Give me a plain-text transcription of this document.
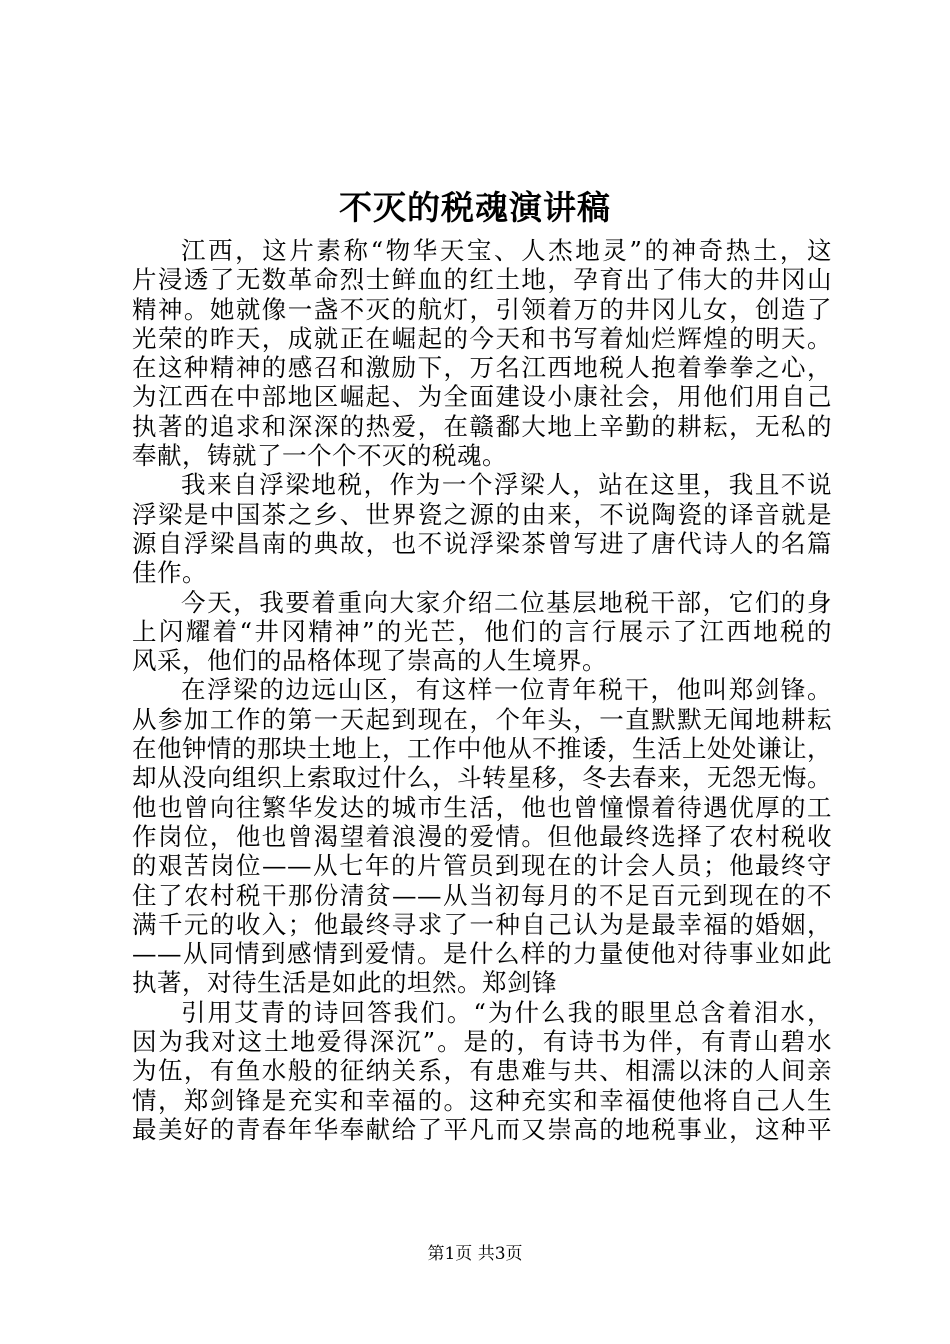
不灭的税魂演讲稿
江西，这片素称“物华天宝、人杰地灵”的神奇热土，这
片浸透了无数革命烈士鲜血的红土地，孕育出了伟大的井冈山
精神。她就像一盏不灭的航灯，引领着万的井冈儿女，创造了
光荣的昨天，成就正在崛起的今天和书写着灿烂辉煌的明天。
在这种精神的感召和激励下，万名江西地税人抱着拳拳之心，
为江西在中部地区崛起、为全面建设小康社会，用他们用自己
执著的追求和深深的热爱，在赣鄱大地上辛勤的耕耘，无私的
奉献，铸就了一个个不灭的税魂。
我来自浮梁地税，作为一个浮梁人，站在这里，我且不说
浮梁是中国茶之乡、世界瓷之源的由来，不说陶瓷的译音就是
源自浮梁昌南的典故，也不说浮梁茶曾写进了唐代诗人的名篇
佳作。
今天，我要着重向大家介绍二位基层地税干部，它们的身
上闪耀着“井冈精神”的光芒，他们的言行展示了江西地税的
风采，他们的品格体现了崇高的人生境界。
在浮梁的边远山区，有这样一位青年税干，他叫郑剑锋。
从参加工作的第一天起到现在，个年头，一直默默无闻地耕耘
在他钟情的那块土地上，工作中他从不推诿，生活上处处谦让，
却从没向组织上索取过什么，斗转星移，冬去春来，无怨无悔。
他也曾向往繁华发达的城市生活，他也曾憧憬着待遇优厚的工
作岗位，他也曾渴望着浪漫的爱情。但他最终选择了农村税收
的艰苦岗位——从七年的片管员到现在的计会人员；他最终守
住了农村税干那份清贫——从当初每月的不足百元到现在的不
满千元的收入；他最终寻求了一种自己认为是最幸福的婚姻，
——从同情到感情到爱情。是什么样的力量使他对待事业如此
执著，对待生活是如此的坦然。郑剑锋
引用艾青的诗回答我们。“为什么我的眼里总含着泪水，
因为我对这土地爱得深沉”。是的，有诗书为伴，有青山碧水
为伍，有鱼水般的征纳关系，有患难与共、相濡以沫的人间亲
情，郑剑锋是充实和幸福的。这种充实和幸福使他将自己人生
最美好的青春年华奉献给了平凡而又崇高的地税事业，这种平
第1页 共3页
